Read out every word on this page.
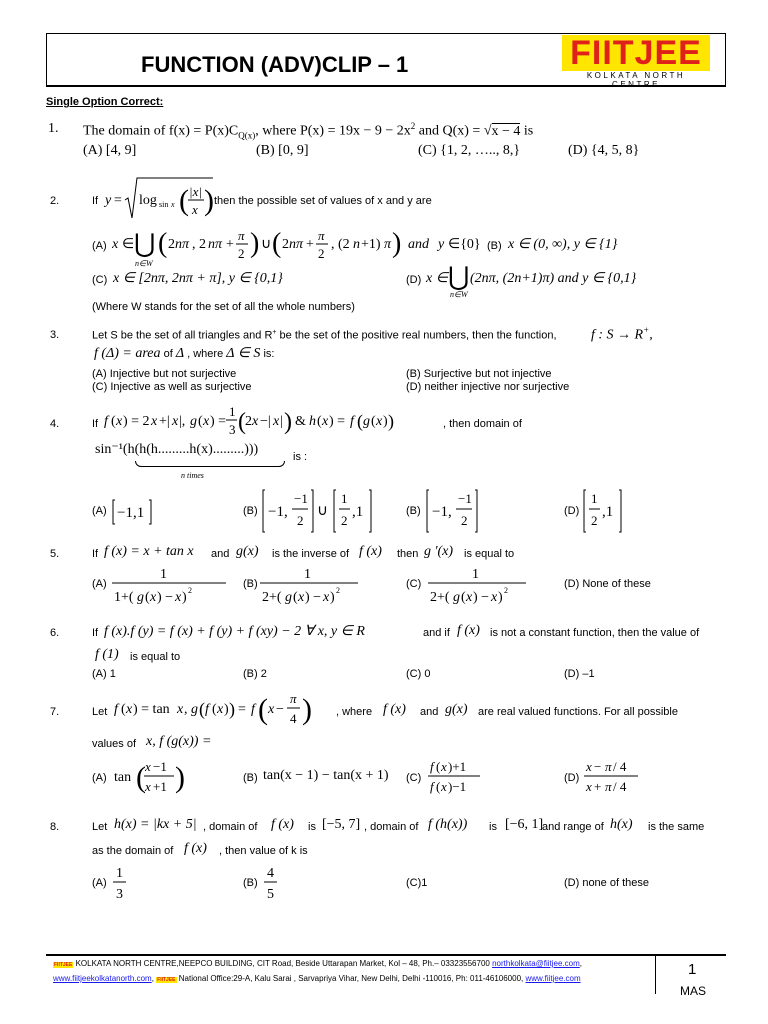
FUNCTION (ADV)CLIP – 1	FIITJEE
KOLKATA NORTH CENTRE
Single Option Correct:
1. The domain of $f(x) = P(x)C_{Q(x)}$, where $P(x) = 19x - 9 - 2x^2$ and Q(x) = √x − 4 is
(A) [4, 9]	(B) [0, 9]	(C) {1, 2, ….., 8,}	(D) {4, 5, 8}
2.	If y = log sin x ( |x|
x ) then the possible set of values of x and y are
(A) x ∈ ⋃
n∈W
( 2 nπ , 2 nπ +
π
2 ) ∪ ( 2 nπ +
π
2
, (2 n +1) π ) and y ∈{0} (B) x ∈ (0, ∞), y ∈ {1}
(C) x ∈ [2nπ, 2nπ + π], y ∈ {0,1}	(D) x ∈ ⋃
n∈W
(2nπ, (2n+1)π) and y ∈ {0,1}
(Where W stands for the set of all the whole numbers)
3.	Let S be the set of all triangles and R+ be the set of the positive real numbers, then the function, f : S → R+,
f (Δ) = area of Δ , where Δ ∈ S is:
(A) Injective but not surjective	(B) Surjective but not injective
(C) Injective as well as surjective	(D) neither injective nor surjective
4.	If f ( x ) = 2 x +| x |, g ( x ) =
1
3 ( 2 x −| x | ) & h ( x ) = f ( g ( x ) )	, then domain of
sin⁻¹(h(h(h.........h(x).........)))
n times
is :
(A) −1,1	(B) −1,
−1
2
∪
1
2
,1	(B) −1,
−1
2
(D)
1
2
,1
5.	If f (x) = x + tan x and g(x) is the inverse of f (x) then g '(x) is equal to
(A)
1
1+( g ( x ) − x ) 2
(B)
1
2+( g ( x ) − x ) 2
(C)
1
2+( g ( x ) − x ) 2
(D) None of these
6.	If f (x).f (y) = f (x) + f (y) + f (xy) − 2 ∀ x, y ∈ R	and if f (x) is not a constant function, then the value of
f (1) is equal to
(A) 1	(B) 2	(C) 0	(D) –1
7.	Let f ( x ) = tan x , g ( f ( x ) ) = f ( x −
π
4 ) , where f (x) and g(x) are real valued functions. For all possible
values of x, f (g(x)) =
(A) tan ( x −1
x +1 )	(B) tan(x − 1) − tan(x + 1) (C)
f ( x )+1
f ( x )−1
(D)
x − π / 4
x + π / 4
8.	Let h(x) = |kx + 5| , domain of f (x) is [−5, 7] , domain of f (h(x)) is [−6, 1]
and range of h(x) is the same
as the domain of f (x) , then value of k is
(A)
1
3
(B)
4
5
(C)1	(D) none of these
FIITJEE KOLKATA NORTH CENTRE,NEEPCO BUILDING, CIT Road, Beside Uttarapan Market, Kol – 48, Ph.– 03323556700 northkolkata@fiitjee.com,
www.fiitjeekolkatanorth.com, FIITJEE National Office:29-A, Kalu Sarai , Sarvapriya Vihar, New Delhi, Delhi -110016, Ph: 011-46106000, www.fiitjee.com
1
MAS
